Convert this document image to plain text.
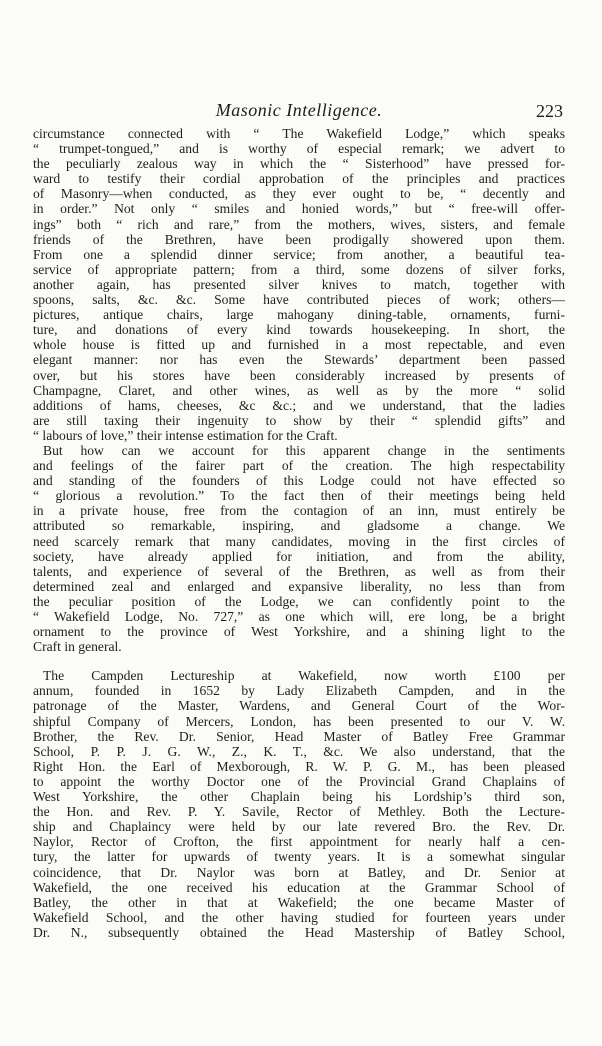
Masonic Intelligence.	223

circumstance connected with “ The Wakefield Lodge,” which speaks
“ trumpet-tongued,” and is worthy of especial remark; we advert to
the peculiarly zealous way in which the “ Sisterhood” have pressed for-
ward to testify their cordial approbation of the principles and practices
of Masonry—when conducted, as they ever ought to be, “ decently and
in order.” Not only “ smiles and honied words,” but “ free-will offer-
ings” both “ rich and rare,” from the mothers, wives, sisters, and female
friends of the Brethren, have been prodigally showered upon them.
From one a splendid dinner service; from another, a beautiful tea-
service of appropriate pattern; from a third, some dozens of silver forks,
another again, has presented silver knives to match, together with
spoons, salts, &c. &c. Some have contributed pieces of work; others—
pictures, antique chairs, large mahogany dining-table, ornaments, furni-
ture, and donations of every kind towards housekeeping. In short, the
whole house is fitted up and furnished in a most repectable, and even
elegant manner: nor has even the Stewards’ department been passed
over, but his stores have been considerably increased by presents of
Champagne, Claret, and other wines, as well as by the more “ solid
additions of hams, cheeses, &c &c.; and we understand, that the ladies
are still taxing their ingenuity to show by their “ splendid gifts” and
“ labours of love,” their intense estimation for the Craft.

But how can we account for this apparent change in the sentiments
and feelings of the fairer part of the creation. The high respectability
and standing of the founders of this Lodge could not have effected so
“ glorious a revolution.” To the fact then of their meetings being held
in a private house, free from the contagion of an inn, must entirely be
attributed so remarkable, inspiring, and gladsome a change. We
need scarcely remark that many candidates, moving in the first circles of
society, have already applied for initiation, and from the ability,
talents, and experience of several of the Brethren, as well as from their
determined zeal and enlarged and expansive liberality, no less than from
the peculiar position of the Lodge, we can confidently point to the
“ Wakefield Lodge, No. 727,” as one which will, ere long, be a bright
ornament to the province of West Yorkshire, and a shining light to the
Craft in general.

The Campden Lectureship at Wakefield, now worth £100 per
annum, founded in 1652 by Lady Elizabeth Campden, and in the
patronage of the Master, Wardens, and General Court of the Wor-
shipful Company of Mercers, London, has been presented to our V. W.
Brother, the Rev. Dr. Senior, Head Master of Batley Free Grammar
School, P. P. J. G. W., Z., K. T., &c. We also understand, that the
Right Hon. the Earl of Mexborough, R. W. P. G. M., has been pleased
to appoint the worthy Doctor one of the Provincial Grand Chaplains of
West Yorkshire, the other Chaplain being his Lordship’s third son,
the Hon. and Rev. P. Y. Savile, Rector of Methley. Both the Lecture-
ship and Chaplaincy were held by our late revered Bro. the Rev. Dr.
Naylor, Rector of Crofton, the first appointment for nearly half a cen-
tury, the latter for upwards of twenty years. It is a somewhat singular
coincidence, that Dr. Naylor was born at Batley, and Dr. Senior at
Wakefield, the one received his education at the Grammar School of
Batley, the other in that at Wakefield; the one became Master of
Wakefield School, and the other having studied for fourteen years under
Dr. N., subsequently obtained the Head Mastership of Batley School,
